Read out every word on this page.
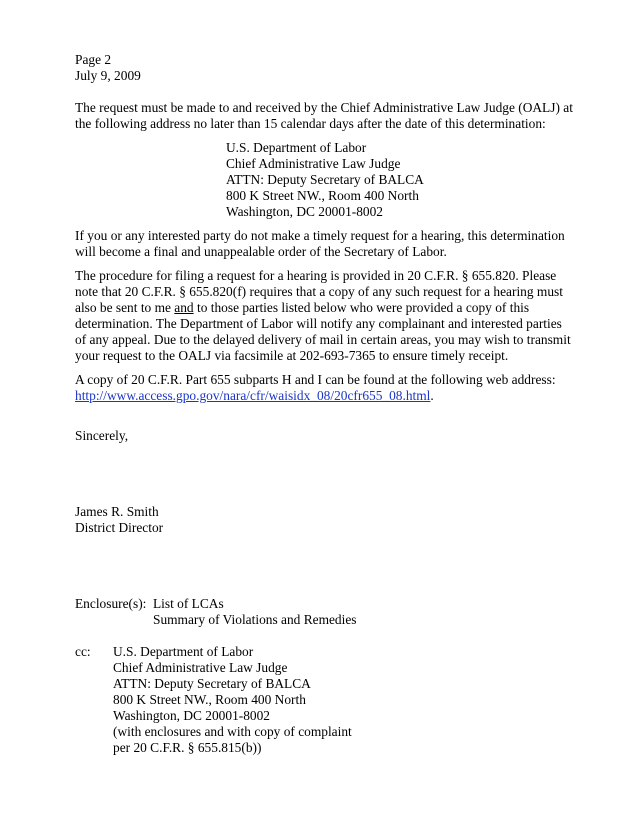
Page 2
July 9, 2009
The request must be made to and received by the Chief Administrative Law Judge (OALJ) at
the following address no later than 15 calendar days after the date of this determination:
U.S. Department of Labor
Chief Administrative Law Judge
ATTN: Deputy Secretary of BALCA
800 K Street NW., Room 400 North
Washington, DC 20001-8002
If you or any interested party do not make a timely request for a hearing, this determination
will become a final and unappealable order of the Secretary of Labor.
The procedure for filing a request for a hearing is provided in 20 C.F.R. § 655.820. Please
note that 20 C.F.R. § 655.820(f) requires that a copy of any such request for a hearing must
also be sent to me and to those parties listed below who were provided a copy of this
determination. The Department of Labor will notify any complainant and interested parties
of any appeal. Due to the delayed delivery of mail in certain areas, you may wish to transmit
your request to the OALJ via facsimile at 202-693-7365 to ensure timely receipt.
A copy of 20 C.F.R. Part 655 subparts H and I can be found at the following web address:
http://www.access.gpo.gov/nara/cfr/waisidx_08/20cfr655_08.html.
Sincerely,
James R. Smith
District Director
Enclosure(s): List of LCAs
Summary of Violations and Remedies
cc: U.S. Department of Labor
Chief Administrative Law Judge
ATTN: Deputy Secretary of BALCA
800 K Street NW., Room 400 North
Washington, DC 20001-8002
(with enclosures and with copy of complaint
per 20 C.F.R. § 655.815(b))
